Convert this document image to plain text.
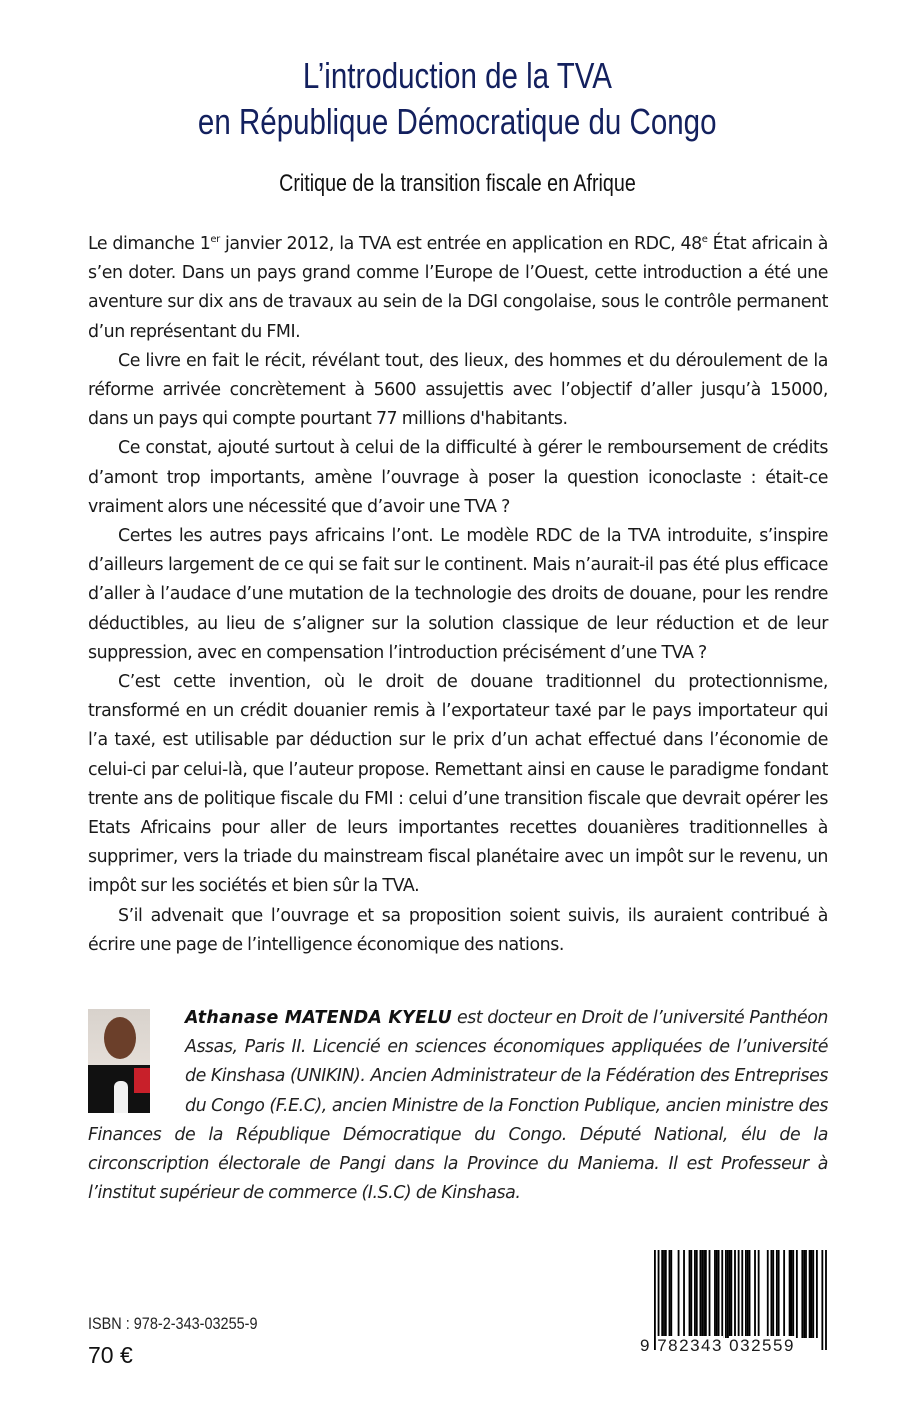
L’introduction de la TVA
en République Démocratique du Congo
Critique de la transition fiscale en Afrique

Le dimanche 1er janvier 2012, la TVA est entrée en application en RDC, 48e État africain à s’en doter. Dans un pays grand comme l’Europe de l’Ouest, cette introduction a été une aventure sur dix ans de travaux au sein de la DGI congolaise, sous le contrôle permanent d’un représentant du FMI.

Ce livre en fait le récit, révélant tout, des lieux, des hommes et du déroulement de la réforme arrivée concrètement à 5600 assujettis avec l’objectif d’aller jusqu’à 15000, dans un pays qui compte pourtant 77 millions d'habitants.

Ce constat, ajouté surtout à celui de la difficulté à gérer le remboursement de crédits d’amont trop importants, amène l’ouvrage à poser la question iconoclaste : était-ce vraiment alors une nécessité que d’avoir une TVA ?

Certes les autres pays africains l’ont. Le modèle RDC de la TVA introduite, s’inspire d’ailleurs largement de ce qui se fait sur le continent. Mais n’aurait-il pas été plus efficace d’aller à l’audace d’une mutation de la technologie des droits de douane, pour les rendre déductibles, au lieu de s’aligner sur la solution classique de leur réduction et de leur suppression, avec en compensation l’introduction précisément d’une TVA ?

C’est cette invention, où le droit de douane traditionnel du protectionnisme, transformé en un crédit douanier remis à l’exportateur taxé par le pays importateur qui l’a taxé, est utilisable par déduction sur le prix d’un achat effectué dans l’économie de celui-ci par celui-là, que l’auteur propose. Remettant ainsi en cause le paradigme fondant trente ans de politique fiscale du FMI : celui d’une transition fiscale que devrait opérer les Etats Africains pour aller de leurs importantes recettes douanières traditionnelles à supprimer, vers la triade du mainstream fiscal planétaire avec un impôt sur le revenu, un impôt sur les sociétés et bien sûr la TVA.

S’il advenait que l’ouvrage et sa proposition soient suivis, ils auraient contribué à écrire une page de l’intelligence économique des nations.

Athanase MATENDA KYELU est docteur en Droit de l’université Panthéon Assas, Paris II. Licencié en sciences économiques appliquées de l’université de Kinshasa (UNIKIN). Ancien Administrateur de la Fédération des Entreprises du Congo (F.E.C), ancien Ministre de la Fonction Publique, ancien ministre des Finances de la République Démocratique du Congo. Député National, élu de la circonscription électorale de Pangi dans la Province du Maniema. Il est Professeur à l’institut supérieur de commerce (I.S.C) de Kinshasa.
ISBN : 978-2-343-03255-9
70 €	9 782343 032559
